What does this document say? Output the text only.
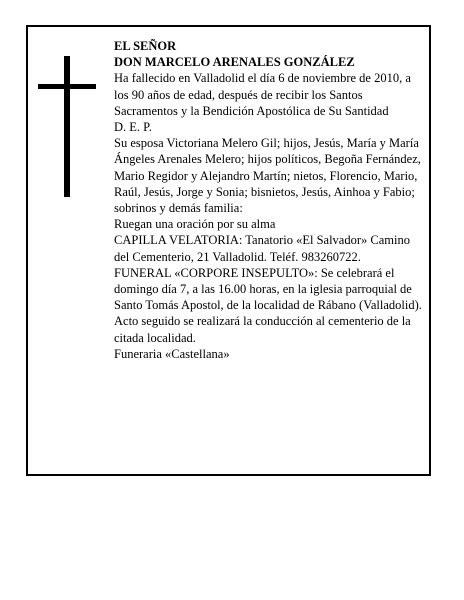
EL SEÑOR

DON MARCELO ARENALES GONZÁLEZ

Ha fallecido en Valladolid el día 6 de noviembre de 2010, a los 90 años de edad, después de recibir los Santos Sacramentos y la Bendición Apostólica de Su Santidad

D. E. P.

Su esposa Victoriana Melero Gil; hijos, Jesús, María y María Ángeles Arenales Melero; hijos políticos, Begoña Fernández, Mario Regidor y Alejandro Martín; nietos, Florencio, Mario, Raúl, Jesús, Jorge y Sonia; bisnietos, Jesús, Ainhoa y Fabio; sobrinos y demás familia:

Ruegan una oración por su alma

CAPILLA VELATORIA: Tanatorio «El Salvador» Camino del Cementerio, 21 Valladolid. Teléf. 983260722.

FUNERAL «CORPORE INSEPULTO»: Se celebrará el domingo día 7, a las 16.00 horas, en la iglesia parroquial de Santo Tomás Apostol, de la localidad de Rábano (Valladolid). Acto seguido se realizará la conducción al cementerio de la citada localidad.

Funeraria «Castellana»
